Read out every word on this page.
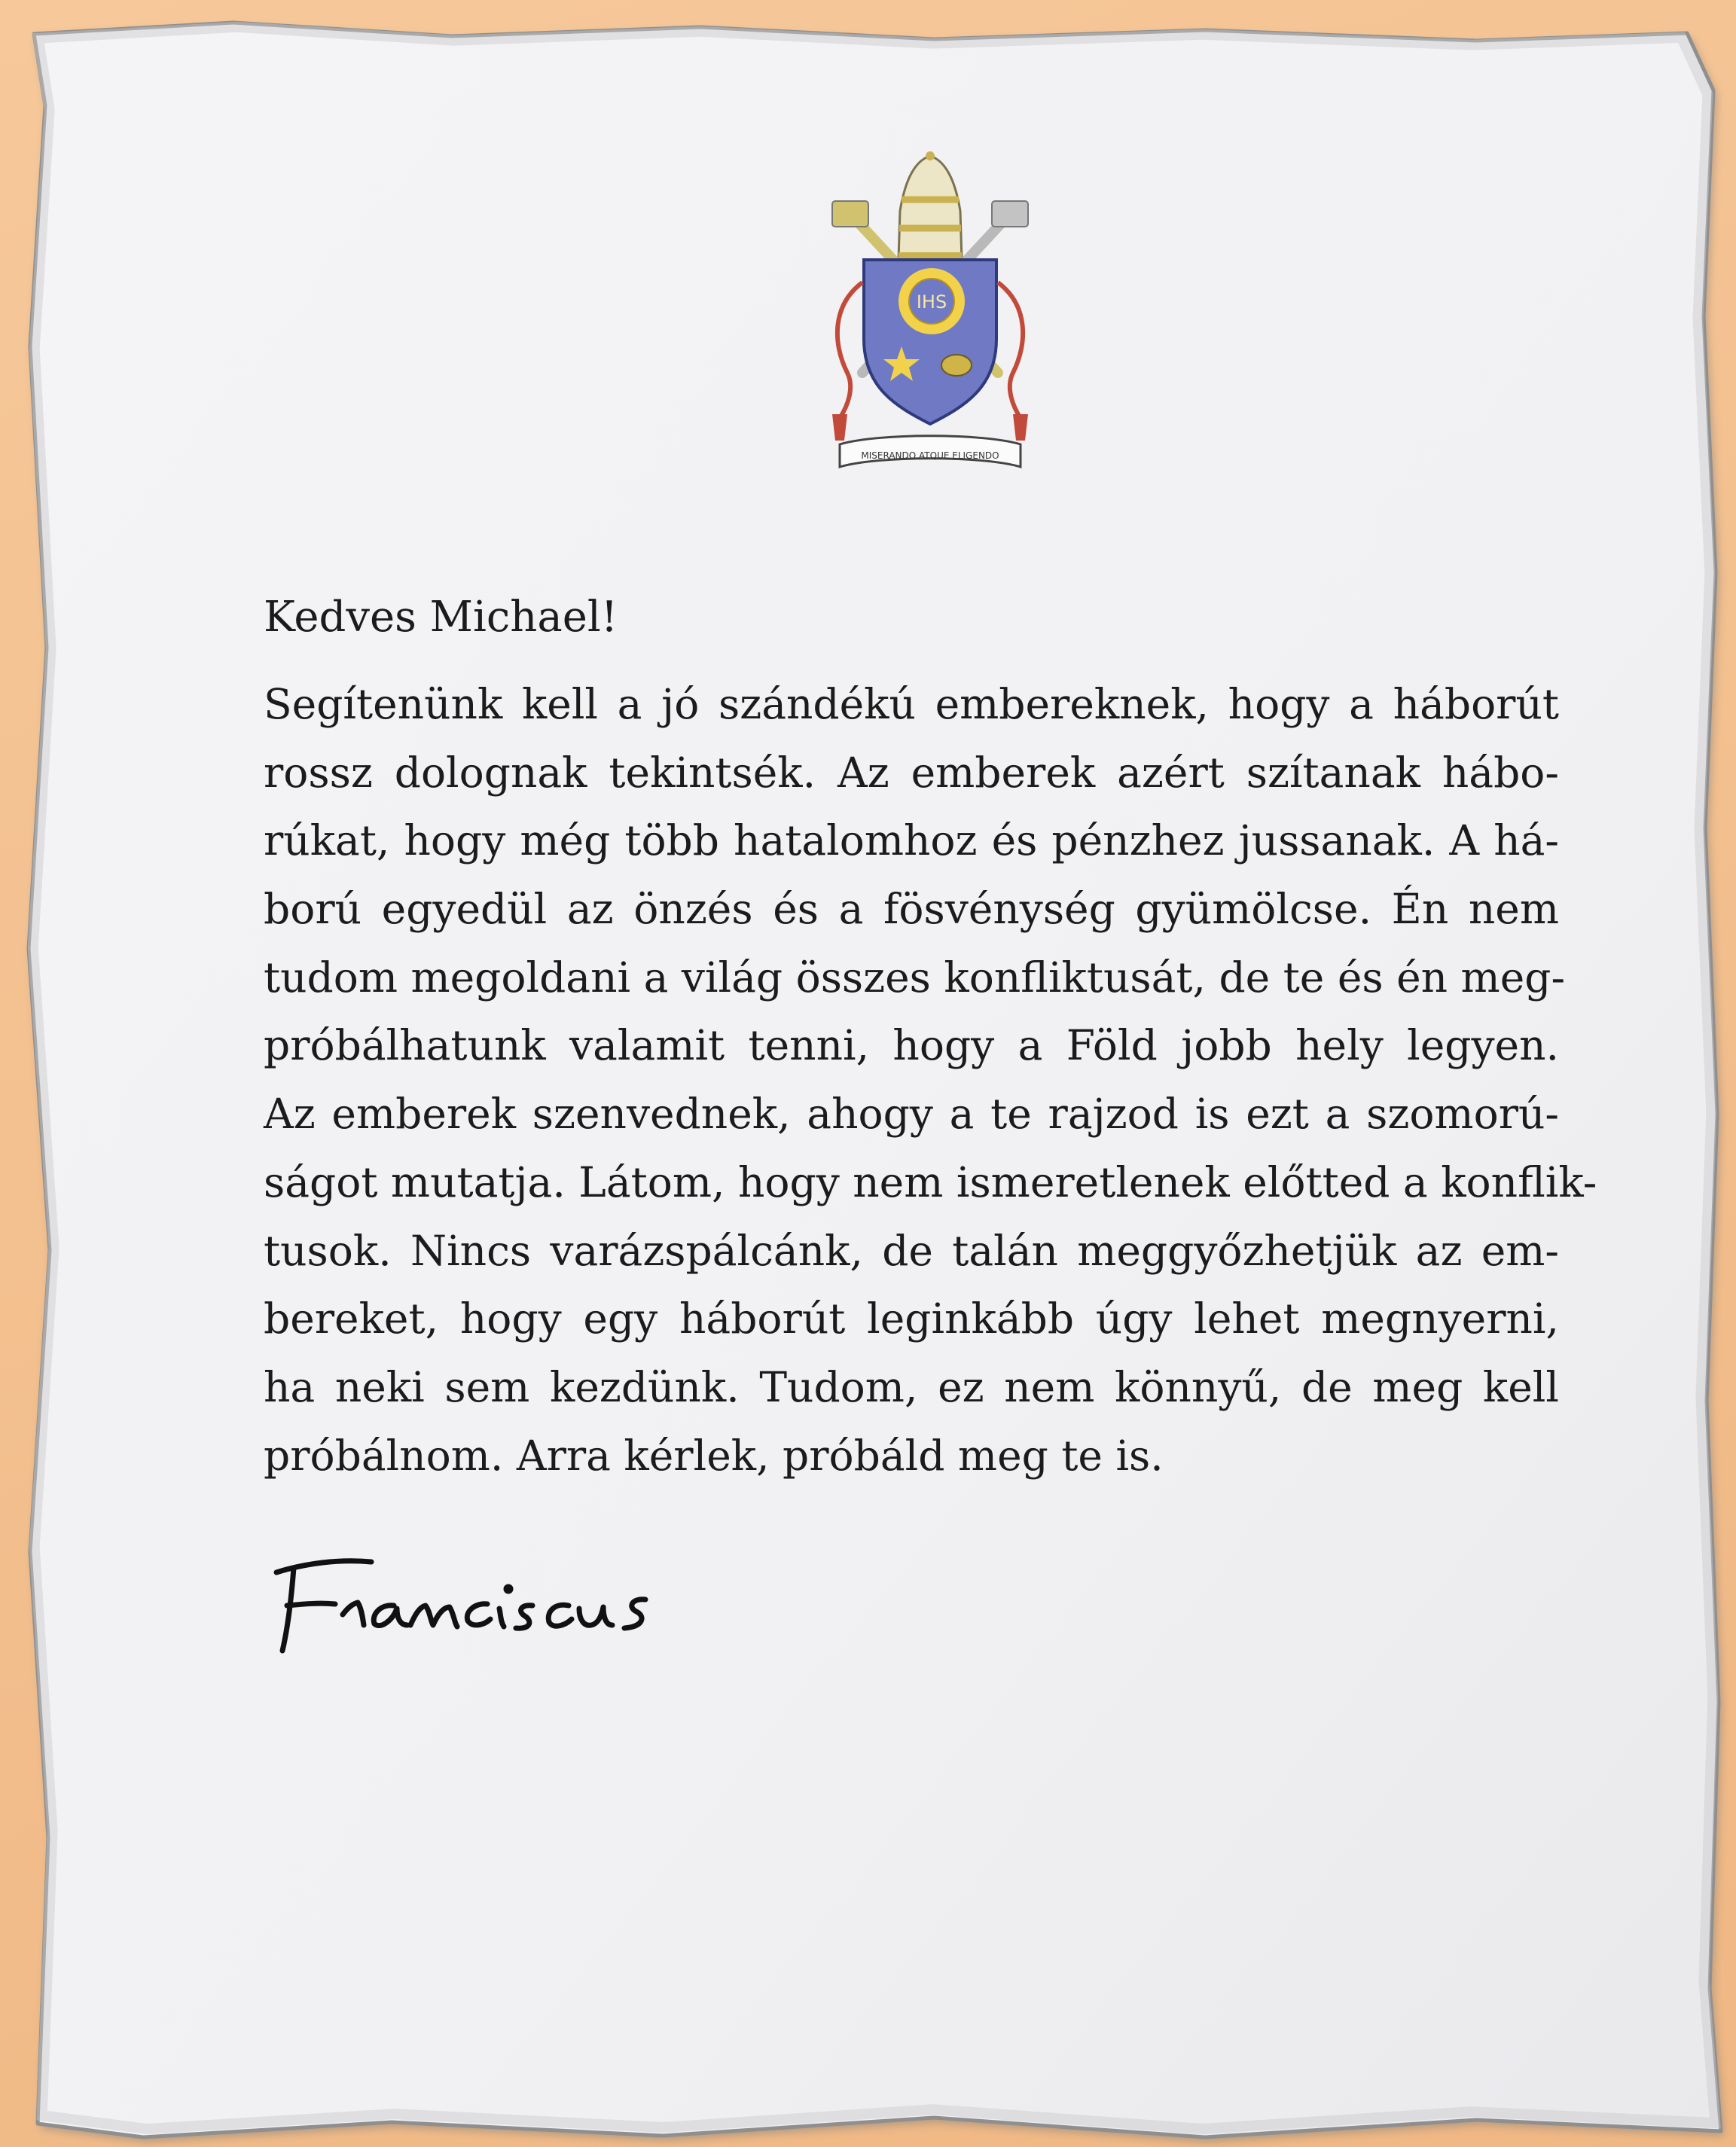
IHS
MISERANDO ATQUE ELIGENDO
Kedves Michael!
Segítenünk kell a jó szándékú embereknek, hogy a háborút
rossz dolognak tekintsék. Az emberek azért szítanak hábo-
rúkat, hogy még több hatalomhoz és pénzhez jussanak. A há-
ború egyedül az önzés és a fösvénység gyümölcse. Én nem
tudom megoldani a világ összes konfliktusát, de te és én meg-
próbálhatunk valamit tenni, hogy a Föld jobb hely legyen.
Az emberek szenvednek, ahogy a te rajzod is ezt a szomorú-
ságot mutatja. Látom, hogy nem ismeretlenek előtted a konflik-
tusok. Nincs varázspálcánk, de talán meggyőzhetjük az em-
bereket, hogy egy háborút leginkább úgy lehet megnyerni,
ha neki sem kezdünk. Tudom, ez nem könnyű, de meg kell
próbálnom. Arra kérlek, próbáld meg te is.
